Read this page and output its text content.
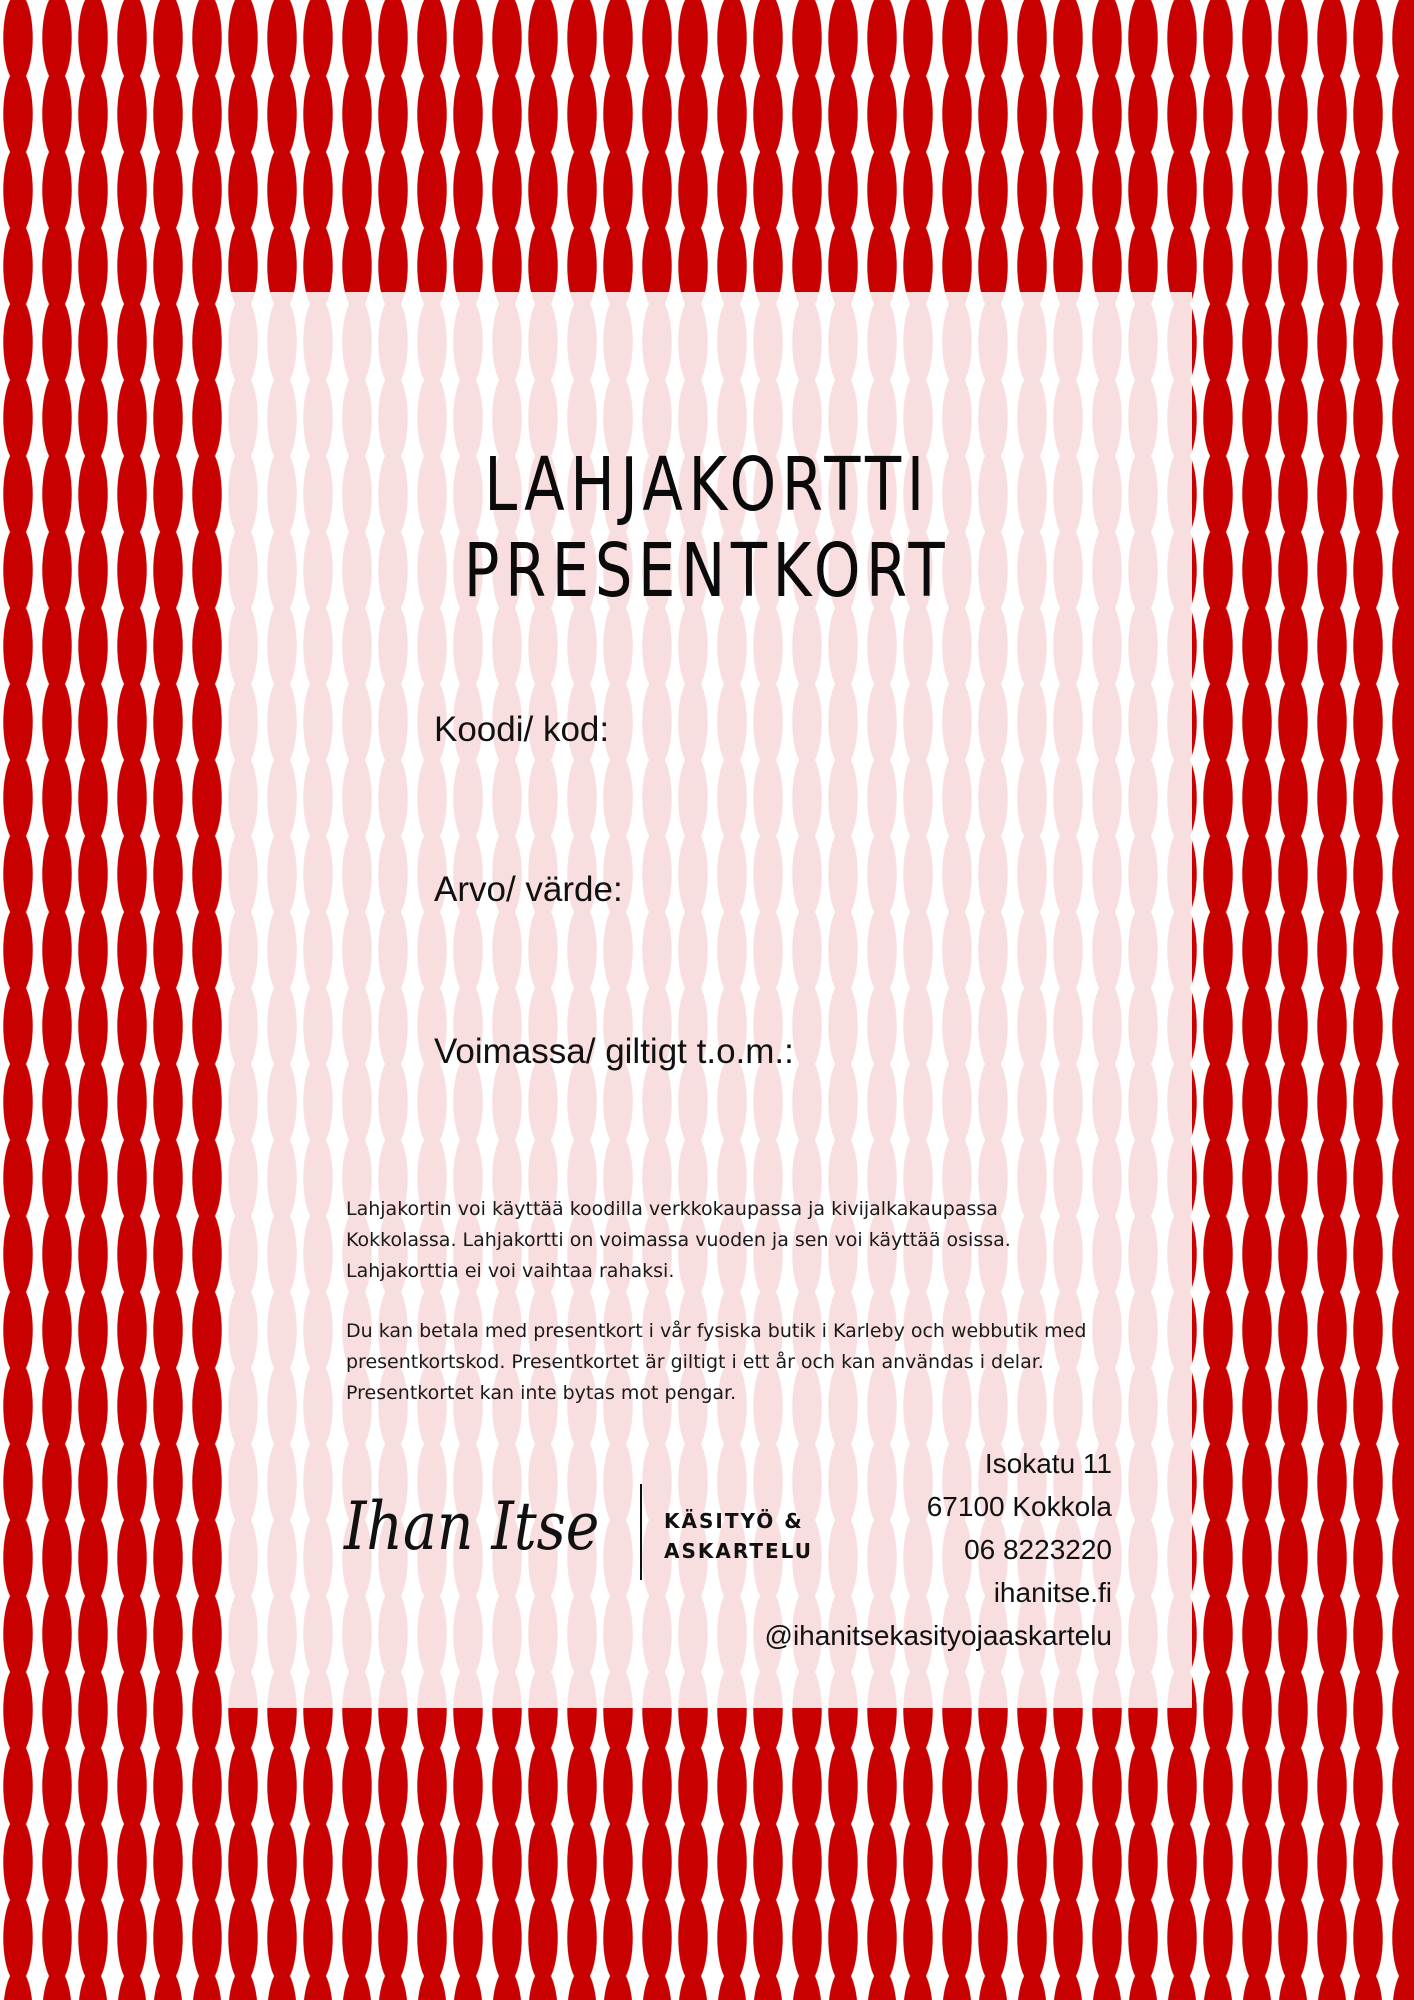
LAHJAKORTTI
PRESENTKORT
Koodi/ kod:
Arvo/ värde:
Voimassa/ giltigt t.o.m.:
Lahjakortin voi käyttää koodilla verkkokaupassa ja kivijalkakaupassa Kokkolassa. Lahjakortti on voimassa vuoden ja sen voi käyttää osissa. Lahjakorttia ei voi vaihtaa rahaksi.
Du kan betala med presentkort i vår fysiska butik i Karleby och webbutik med presentkortskod. Presentkortet är giltigt i ett år och kan användas i delar. Presentkortet kan inte bytas mot pengar.
Ihan Itse	KÄSITYÖ &
ASKARTELU
Isokatu 11
67100 Kokkola
06 8223220
ihanitse.fi
@ihanitsekasityojaaskartelu
